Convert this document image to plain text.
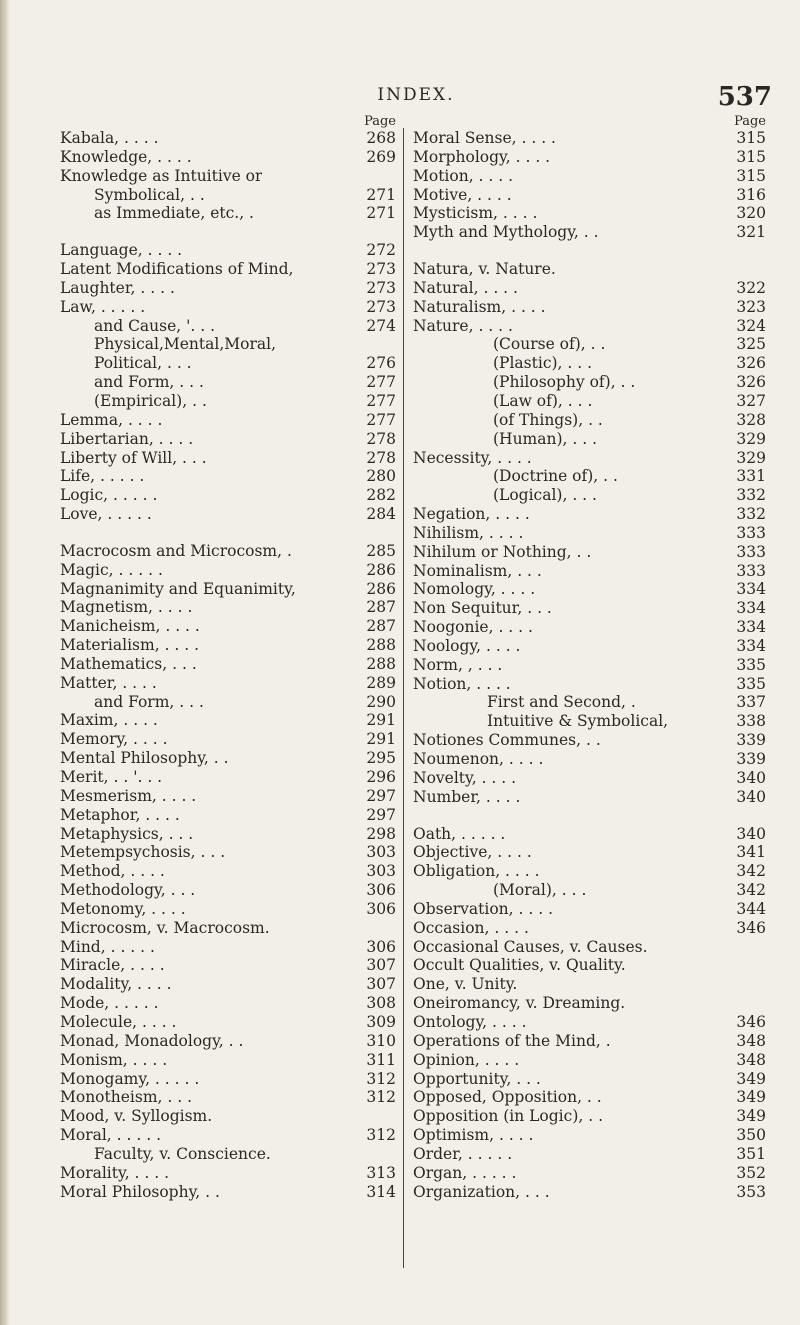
INDEX.	537
Page
Kabala, . . . .	268
Knowledge, . . . .	269
Knowledge as Intuitive or
Symbolical, . .	271
as Immediate, etc., .	271
Language, . . . .	272
Latent Modifications of Mind,	273
Laughter, . . . .	273
Law, . . . . .	273
and Cause, '. . .	274
Physical,Mental,Moral,
Political, . . .	276
and Form, . . .	277
(Empirical), . .	277
Lemma, . . . .	277
Libertarian, . . . .	278
Liberty of Will, . . .	278
Life, . . . . .	280
Logic, . . . . .	282
Love, . . . . .	284
Macrocosm and Microcosm, .	285
Magic, . . . . .	286
Magnanimity and Equanimity,	286
Magnetism, . . . .	287
Manicheism, . . . .	287
Materialism, . . . .	288
Mathematics, . . .	288
Matter, . . . .	289
and Form, . . .	290
Maxim, . . . .	291
Memory, . . . .	291
Mental Philosophy, . .	295
Merit, . . '. . .	296
Mesmerism, . . . .	297
Metaphor, . . . .	297
Metaphysics, . . .	298
Metempsychosis, . . .	303
Method, . . . .	303
Methodology, . . .	306
Metonomy, . . . .	306
Microcosm, v. Macrocosm.
Mind, . . . . .	306
Miracle, . . . .	307
Modality, . . . .	307
Mode, . . . . .	308
Molecule, . . . .	309
Monad, Monadology, . .	310
Monism, . . . .	311
Monogamy, . . . . .	312
Monotheism, . . .	312
Mood, v. Syllogism.
Moral, . . . . .	312
Faculty, v. Conscience.
Morality, . . . .	313
Moral Philosophy, . .	314
Page
Moral Sense, . . . .	315
Morphology, . . . .	315
Motion, . . . .	315
Motive, . . . .	316
Mysticism, . . . .	320
Myth and Mythology, . .	321
Natura, v. Nature.
Natural, . . . .	322
Naturalism, . . . .	323
Nature, . . . .	324
(Course of), . .	325
(Plastic), . . .	326
(Philosophy of), . .	326
(Law of), . . .	327
(of Things), . .	328
(Human), . . .	329
Necessity, . . . .	329
(Doctrine of), . .	331
(Logical), . . .	332
Negation, . . . .	332
Nihilism, . . . .	333
Nihilum or Nothing, . .	333
Nominalism, . . .	333
Nomology, . . . .	334
Non Sequitur, . . .	334
Noogonie, . . . .	334
Noology, . . . .	334
Norm, , . . .	335
Notion, . . . .	335
First and Second, .	337
Intuitive & Symbolical,	338
Notiones Communes, . .	339
Noumenon, . . . .	339
Novelty, . . . .	340
Number, . . . .	340
Oath, . . . . .	340
Objective, . . . .	341
Obligation, . . . .	342
(Moral), . . .	342
Observation, . . . .	344
Occasion, . . . .	346
Occasional Causes, v. Causes.
Occult Qualities, v. Quality.
One, v. Unity.
Oneiromancy, v. Dreaming.
Ontology, . . . .	346
Operations of the Mind, .	348
Opinion, . . . .	348
Opportunity, . . .	349
Opposed, Opposition, . .	349
Opposition (in Logic), . .	349
Optimism, . . . .	350
Order, . . . . .	351
Organ, . . . . .	352
Organization, . . .	353
